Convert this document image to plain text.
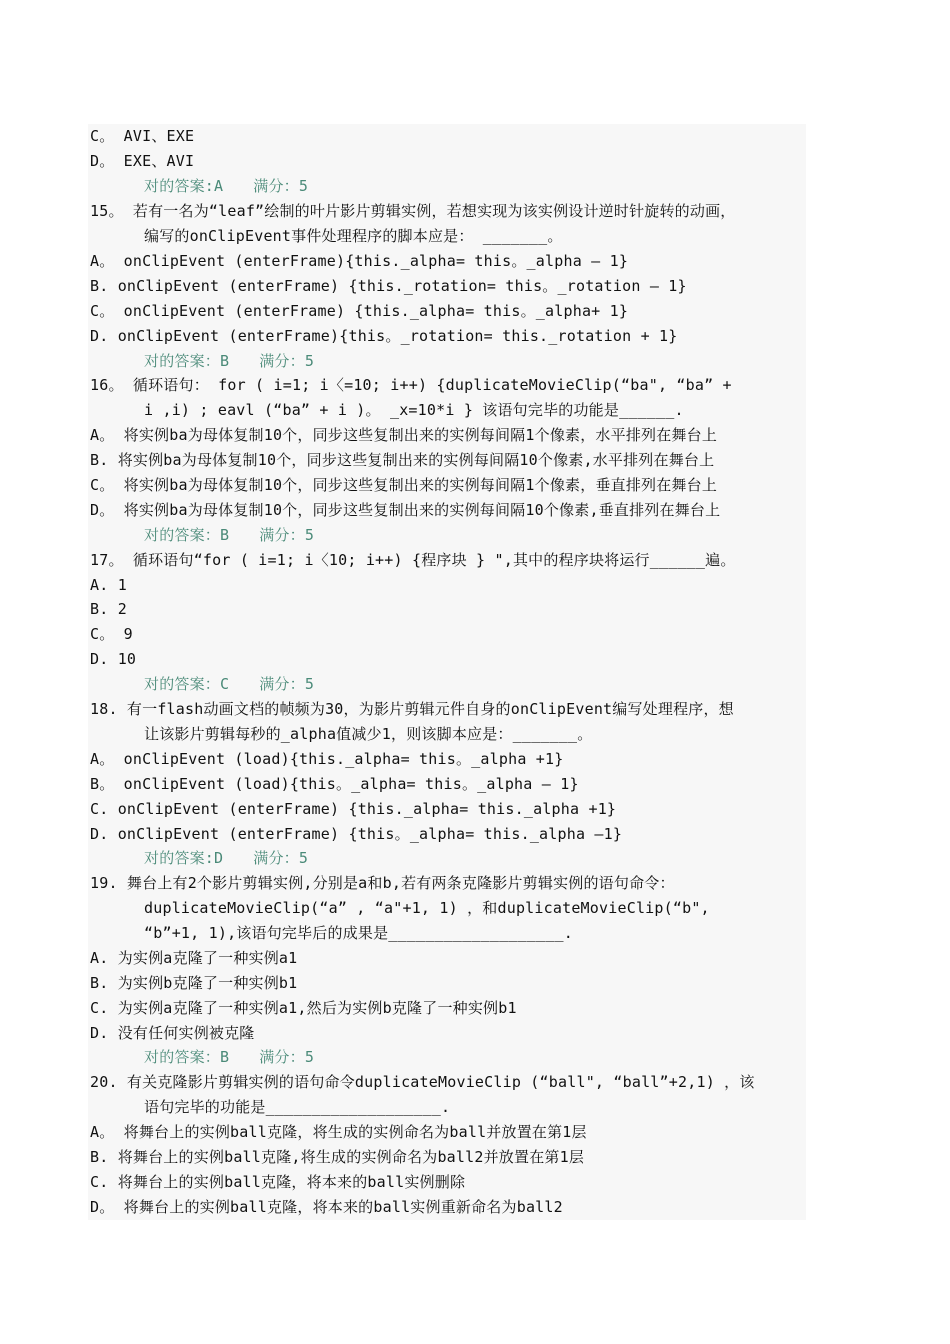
C。 AVI、EXE
D。 EXE、AVI
对的答案:A 满分：5
15。 若有一名为“leaf”绘制的叶片影片剪辑实例，若想实现为该实例设计逆时针旋转的动画，
编写的onClipEvent事件处理程序的脚本应是： _______。
A。 onClipEvent (enterFrame){this._alpha= this。_alpha — 1}
B. onClipEvent (enterFrame) {this._rotation= this。_rotation — 1}
C。 onClipEvent (enterFrame) {this._alpha= this。_alpha+ 1}
D. onClipEvent (enterFrame){this。_rotation= this._rotation + 1}
对的答案：B 满分：5
16。 循环语句： for ( i=1; i〈=10; i++) {duplicateMovieClip(“ba", “ba” +
i ,i) ; eavl (“ba” + i )。 _x=10*i } 该语句完毕的功能是______.
A。 将实例ba为母体复制10个，同步这些复制出来的实例每间隔1个像素，水平排列在舞台上
B. 将实例ba为母体复制10个，同步这些复制出来的实例每间隔10个像素,水平排列在舞台上
C。 将实例ba为母体复制10个，同步这些复制出来的实例每间隔1个像素，垂直排列在舞台上
D。 将实例ba为母体复制10个，同步这些复制出来的实例每间隔10个像素,垂直排列在舞台上
对的答案：B 满分：5
17。 循环语句“for ( i=1; i〈10; i++) {程序块 } ",其中的程序块将运行______遍。
A. 1
B. 2
C。 9
D. 10
对的答案：C 满分：5
18. 有一flash动画文档的帧频为30，为影片剪辑元件自身的onClipEvent编写处理程序，想
让该影片剪辑每秒的_alpha值减少1，则该脚本应是：_______。
A。 onClipEvent (load){this._alpha= this。_alpha +1}
B。 onClipEvent (load){this。_alpha= this。_alpha — 1}
C. onClipEvent (enterFrame) {this._alpha= this._alpha +1}
D. onClipEvent (enterFrame) {this。_alpha= this._alpha —1}
对的答案:D 满分：5
19. 舞台上有2个影片剪辑实例,分别是a和b,若有两条克隆影片剪辑实例的语句命令：
duplicateMovieClip(“a” , “a"+1, 1) ，和duplicateMovieClip(“b",
“b”+1, 1),该语句完毕后的成果是___________________.
A. 为实例a克隆了一种实例a1
B. 为实例b克隆了一种实例b1
C. 为实例a克隆了一种实例a1,然后为实例b克隆了一种实例b1
D. 没有任何实例被克隆
对的答案：B 满分：5
20. 有关克隆影片剪辑实例的语句命令duplicateMovieClip (“ball", “ball”+2,1) ，该
语句完毕的功能是___________________.
A。 将舞台上的实例ball克隆，将生成的实例命名为ball并放置在第1层
B. 将舞台上的实例ball克隆,将生成的实例命名为ball2并放置在第1层
C. 将舞台上的实例ball克隆，将本来的ball实例删除
D。 将舞台上的实例ball克隆，将本来的ball实例重新命名为ball2
